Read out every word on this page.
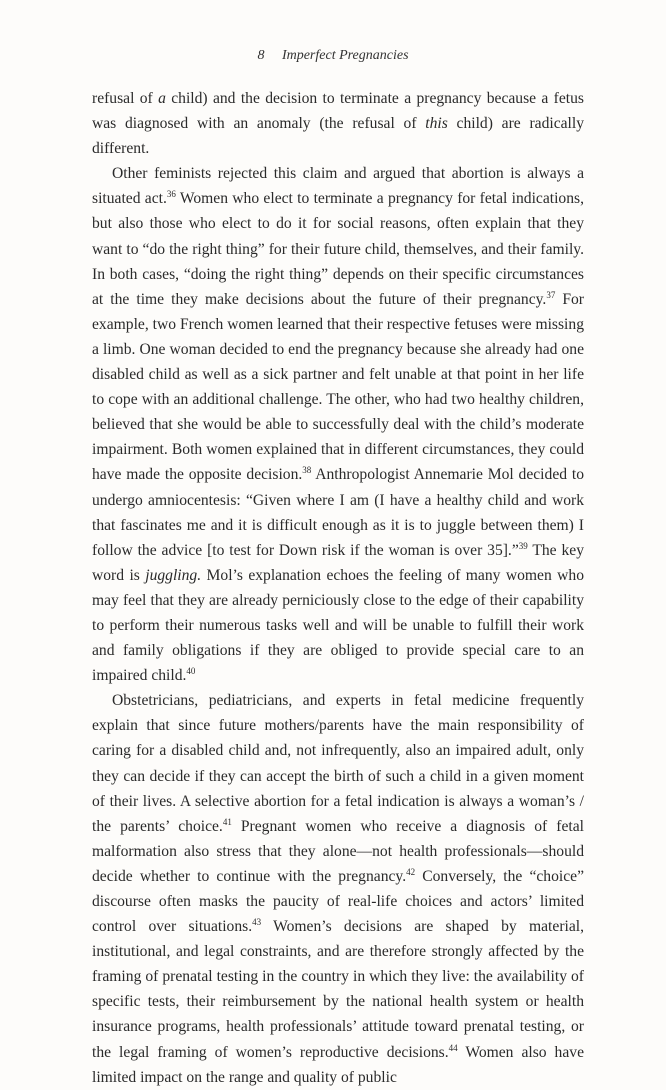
8 Imperfect Pregnancies

refusal of a child) and the decision to terminate a pregnancy because a fetus was diagnosed with an anomaly (the refusal of this child) are radically different.

Other feminists rejected this claim and argued that abortion is always a situated act.$^{36}$ Women who elect to terminate a pregnancy for fetal indications, but also those who elect to do it for social reasons, often explain that they want to “do the right thing” for their future child, themselves, and their family. In both cases, “doing the right thing” depends on their specific circumstances at the time they make decisions about the future of their pregnancy.$^{37}$ For example, two French women learned that their respective fetuses were missing a limb. One woman decided to end the pregnancy because she already had one disabled child as well as a sick partner and felt unable at that point in her life to cope with an additional challenge. The other, who had two healthy children, believed that she would be able to successfully deal with the child’s moderate impairment. Both women explained that in different circumstances, they could have made the opposite decision.$^{38}$ Anthropologist Annemarie Mol decided to undergo amniocentesis: “Given where I am (I have a healthy child and work that fascinates me and it is difficult enough as it is to juggle between them) I follow the advice [to test for Down risk if the woman is over 35].”$^{39}$ The key word is juggling. Mol’s explanation echoes the feeling of many women who may feel that they are already perniciously close to the edge of their capability to perform their numerous tasks well and will be unable to fulfill their work and family obligations if they are obliged to provide special care to an impaired child.$^{40}$

Obstetricians, pediatricians, and experts in fetal medicine frequently explain that since future mothers/parents have the main responsibility of caring for a disabled child and, not infrequently, also an impaired adult, only they can decide if they can accept the birth of such a child in a given moment of their lives. A selective abortion for a fetal indication is always a woman’s / the parents’ choice.$^{41}$ Pregnant women who receive a diagnosis of fetal malformation also stress that they alone—not health professionals—should decide whether to continue with the pregnancy.$^{42}$ Conversely, the “choice” discourse often masks the paucity of real-life choices and actors’ limited control over situations.$^{43}$ Women’s decisions are shaped by material, institutional, and legal constraints, and are therefore strongly affected by the framing of prenatal testing in the country in which they live: the availability of specific tests, their reimbursement by the national health system or health insurance programs, health professionals’ attitude toward prenatal testing, or the legal framing of women’s reproductive decisions.$^{44}$ Women also have limited impact on the range and quality of public
